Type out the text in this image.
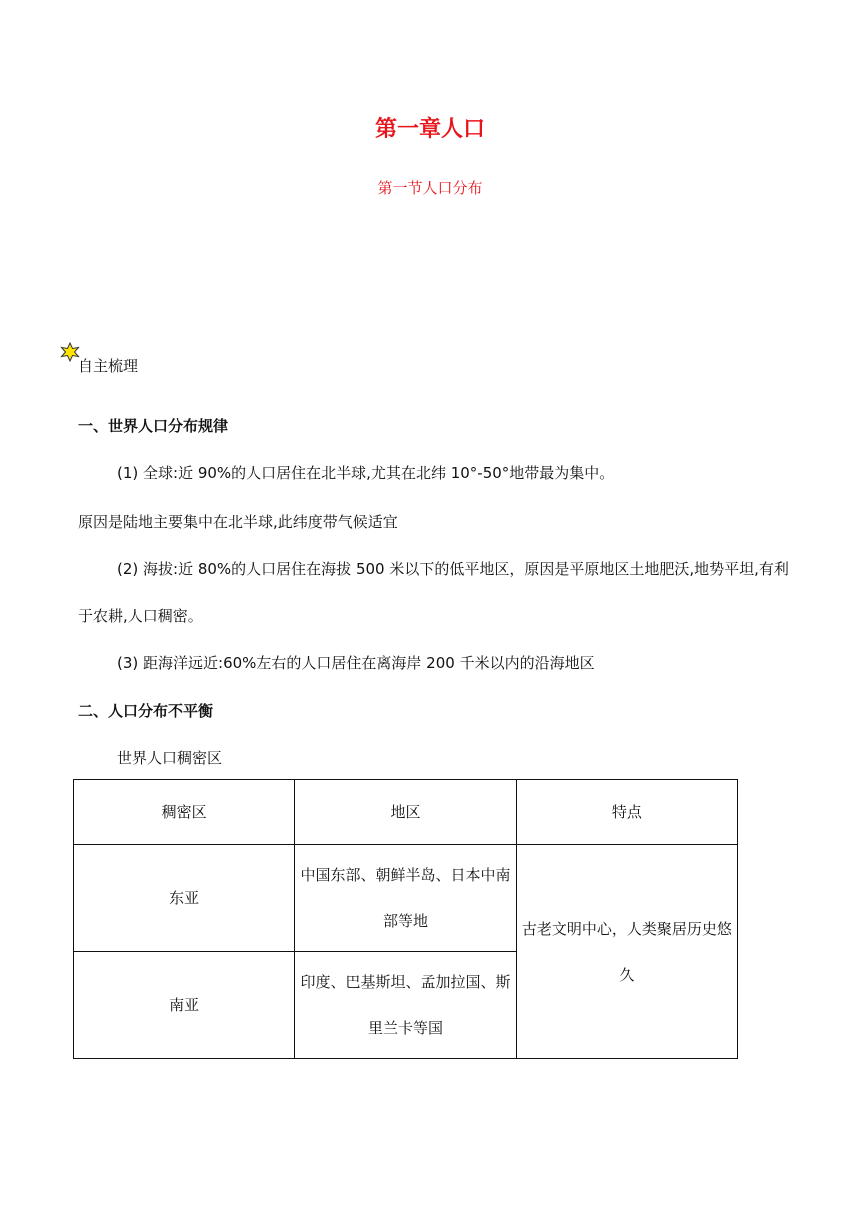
第一章人口
第一节人口分布
自主梳理
一、世界人口分布规律
(1) 全球:近 90%的人口居住在北半球,尤其在北纬 10°-50°地带最为集中。
原因是陆地主要集中在北半球,此纬度带气候适宜
(2) 海拔:近 80%的人口居住在海拔 500 米以下的低平地区，原因是平原地区土地肥沃,地势平坦,有利
于农耕,人口稠密。
(3) 距海洋远近:60%左右的人口居住在离海岸 200 千米以内的沿海地区
二、人口分布不平衡
世界人口稠密区
稠密区	地区	特点
东亚	中国东部、朝鲜半岛、日本中南部等地	古老文明中心，人类聚居历史悠久
南亚	印度、巴基斯坦、孟加拉国、斯里兰卡等国	
